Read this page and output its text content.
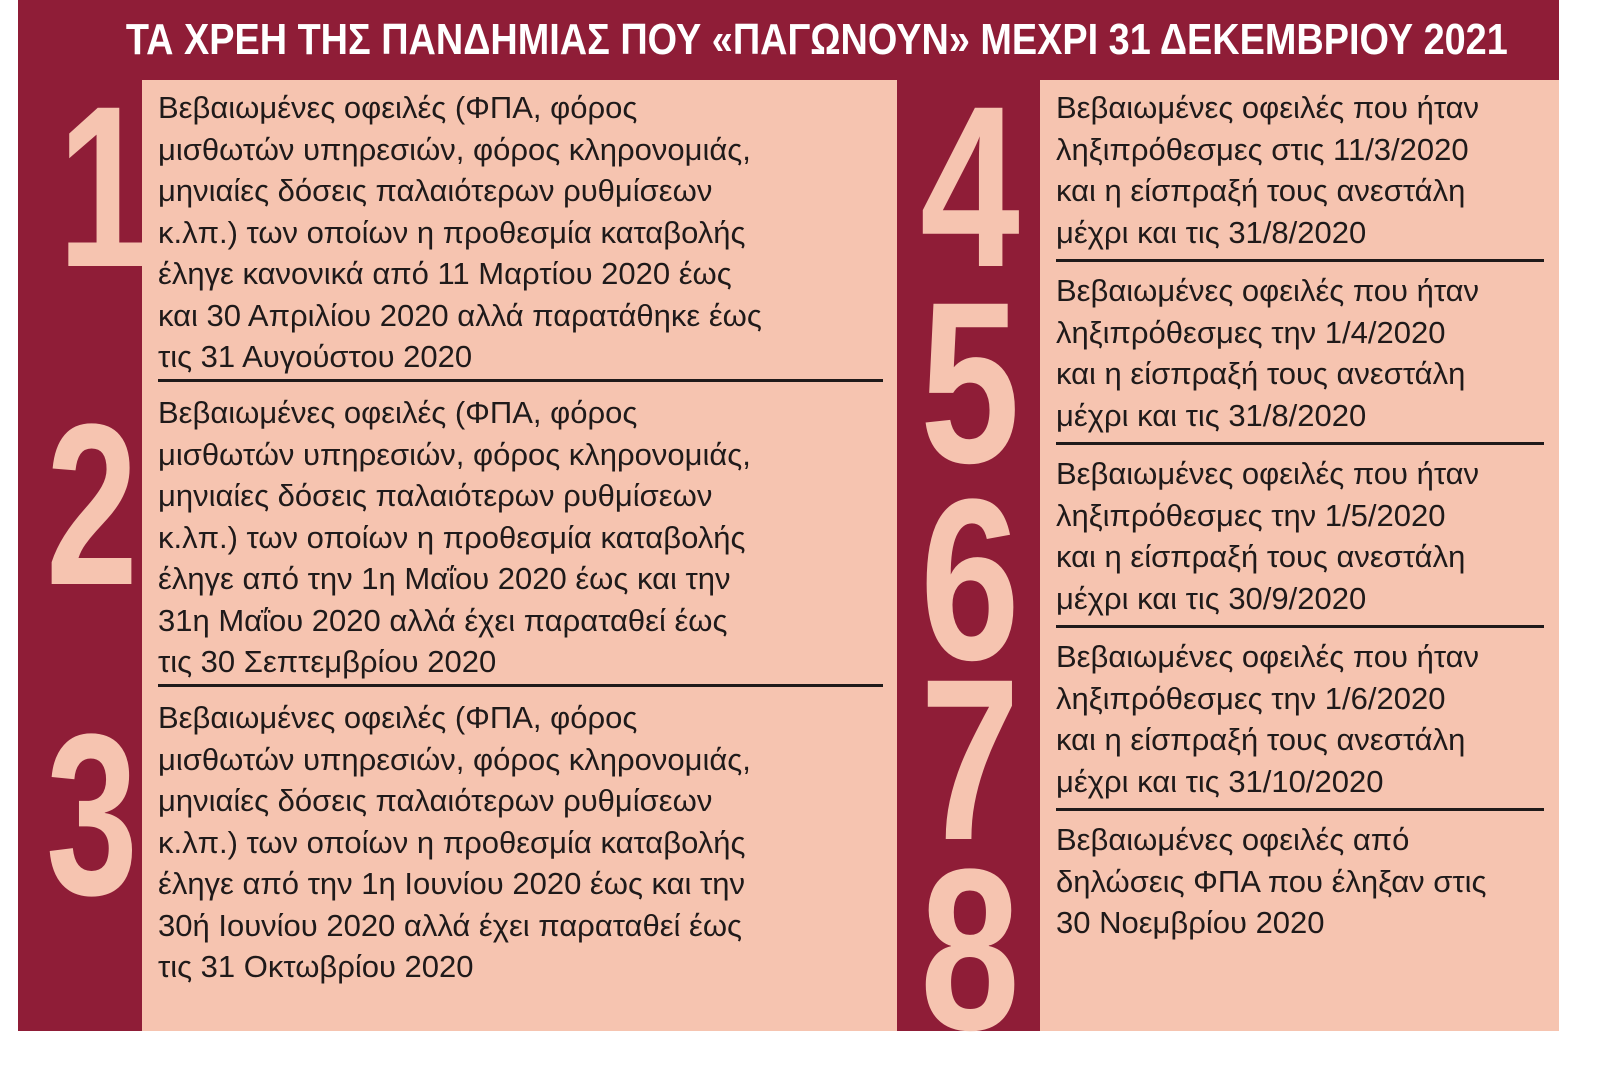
ΤΑ ΧΡΕΗ ΤΗΣ ΠΑΝΔΗΜΙΑΣ ΠΟΥ «ΠΑΓΩΝΟΥΝ» ΜΕΧΡΙ 31 ΔΕΚΕΜΒΡΙΟΥ 2021
1
2
3
4
5
6
7
8
Βεβαιωμένες οφειλές (ΦΠΑ, φόρος
μισθωτών υπηρεσιών, φόρος κληρονομιάς,
μηνιαίες δόσεις παλαιότερων ρυθμίσεων
κ.λπ.) των οποίων η προθεσμία καταβολής
έληγε κανονικά από 11 Μαρτίου 2020 έως
και 30 Απριλίου 2020 αλλά παρατάθηκε έως
τις 31 Αυγούστου 2020
Βεβαιωμένες οφειλές (ΦΠΑ, φόρος
μισθωτών υπηρεσιών, φόρος κληρονομιάς,
μηνιαίες δόσεις παλαιότερων ρυθμίσεων
κ.λπ.) των οποίων η προθεσμία καταβολής
έληγε από την 1η Μαΐου 2020 έως και την
31η Μαΐου 2020 αλλά έχει παραταθεί έως
τις 30 Σεπτεμβρίου 2020
Βεβαιωμένες οφειλές (ΦΠΑ, φόρος
μισθωτών υπηρεσιών, φόρος κληρονομιάς,
μηνιαίες δόσεις παλαιότερων ρυθμίσεων
κ.λπ.) των οποίων η προθεσμία καταβολής
έληγε από την 1η Ιουνίου 2020 έως και την
30ή Ιουνίου 2020 αλλά έχει παραταθεί έως
τις 31 Οκτωβρίου 2020
Βεβαιωμένες οφειλές που ήταν
ληξιπρόθεσμες στις 11/3/2020
και η είσπραξή τους ανεστάλη
μέχρι και τις 31/8/2020
Βεβαιωμένες οφειλές που ήταν
ληξιπρόθεσμες την 1/4/2020
και η είσπραξή τους ανεστάλη
μέχρι και τις 31/8/2020
Βεβαιωμένες οφειλές που ήταν
ληξιπρόθεσμες την 1/5/2020
και η είσπραξή τους ανεστάλη
μέχρι και τις 30/9/2020
Βεβαιωμένες οφειλές που ήταν
ληξιπρόθεσμες την 1/6/2020
και η είσπραξή τους ανεστάλη
μέχρι και τις 31/10/2020
Βεβαιωμένες οφειλές από
δηλώσεις ΦΠΑ που έληξαν στις
30 Νοεμβρίου 2020
